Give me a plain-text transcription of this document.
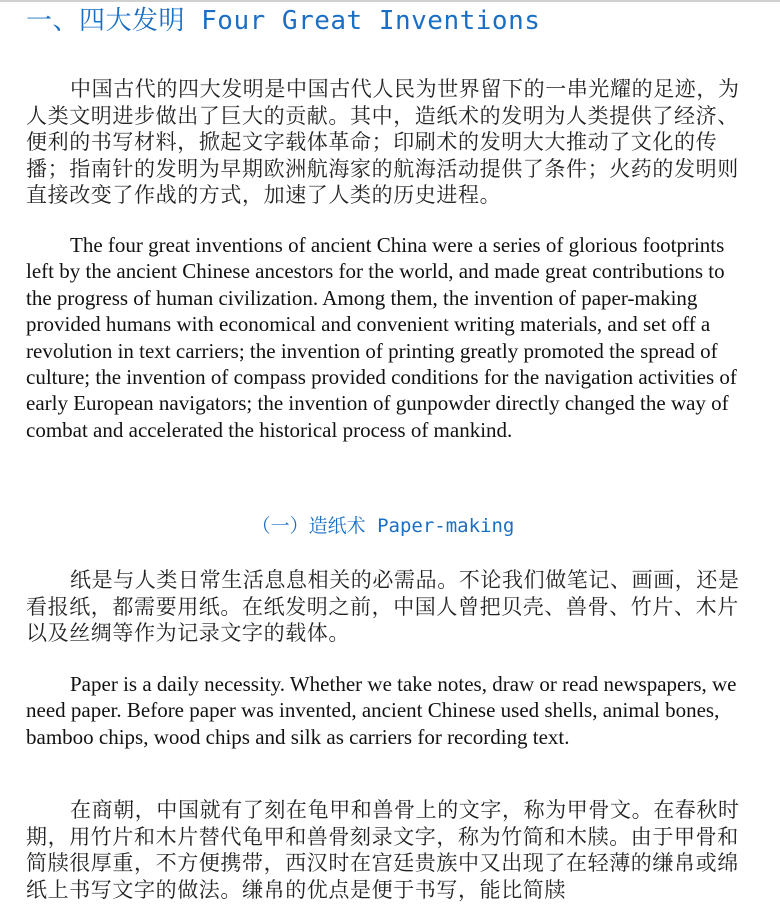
一、四大发明 Four Great Inventions

中国古代的四大发明是中国古代人民为世界留下的一串光耀的足迹，为人类文明进步做出了巨大的贡献。其中，造纸术的发明为人类提供了经济、便利的书写材料，掀起文字载体革命；印刷术的发明大大推动了文化的传播；指南针的发明为早期欧洲航海家的航海活动提供了条件；火药的发明则直接改变了作战的方式，加速了人类的历史进程。

The four great inventions of ancient China were a series of glorious footprints left by the ancient Chinese ancestors for the world, and made great contributions to the progress of human civilization. Among them, the invention of paper-making provided humans with economical and convenient writing materials, and set off a revolution in text carriers; the invention of printing greatly promoted the spread of culture; the invention of compass provided conditions for the navigation activities of early European navigators; the invention of gunpowder directly changed the way of combat and accelerated the historical process of mankind.

（一）造纸术 Paper-making

纸是与人类日常生活息息相关的必需品。不论我们做笔记、画画，还是看报纸，都需要用纸。在纸发明之前，中国人曾把贝壳、兽骨、竹片、木片以及丝绸等作为记录文字的载体。

Paper is a daily necessity. Whether we take notes, draw or read newspapers, we need paper. Before paper was invented, ancient Chinese used shells, animal bones, bamboo chips, wood chips and silk as carriers for recording text.

在商朝，中国就有了刻在龟甲和兽骨上的文字，称为甲骨文。在春秋时期，用竹片和木片替代龟甲和兽骨刻录文字，称为竹简和木牍。由于甲骨和简牍很厚重，不方便携带，西汉时在宫廷贵族中又出现了在轻薄的缣帛或绵纸上书写文字的做法。缣帛的优点是便于书写，能比简牍
